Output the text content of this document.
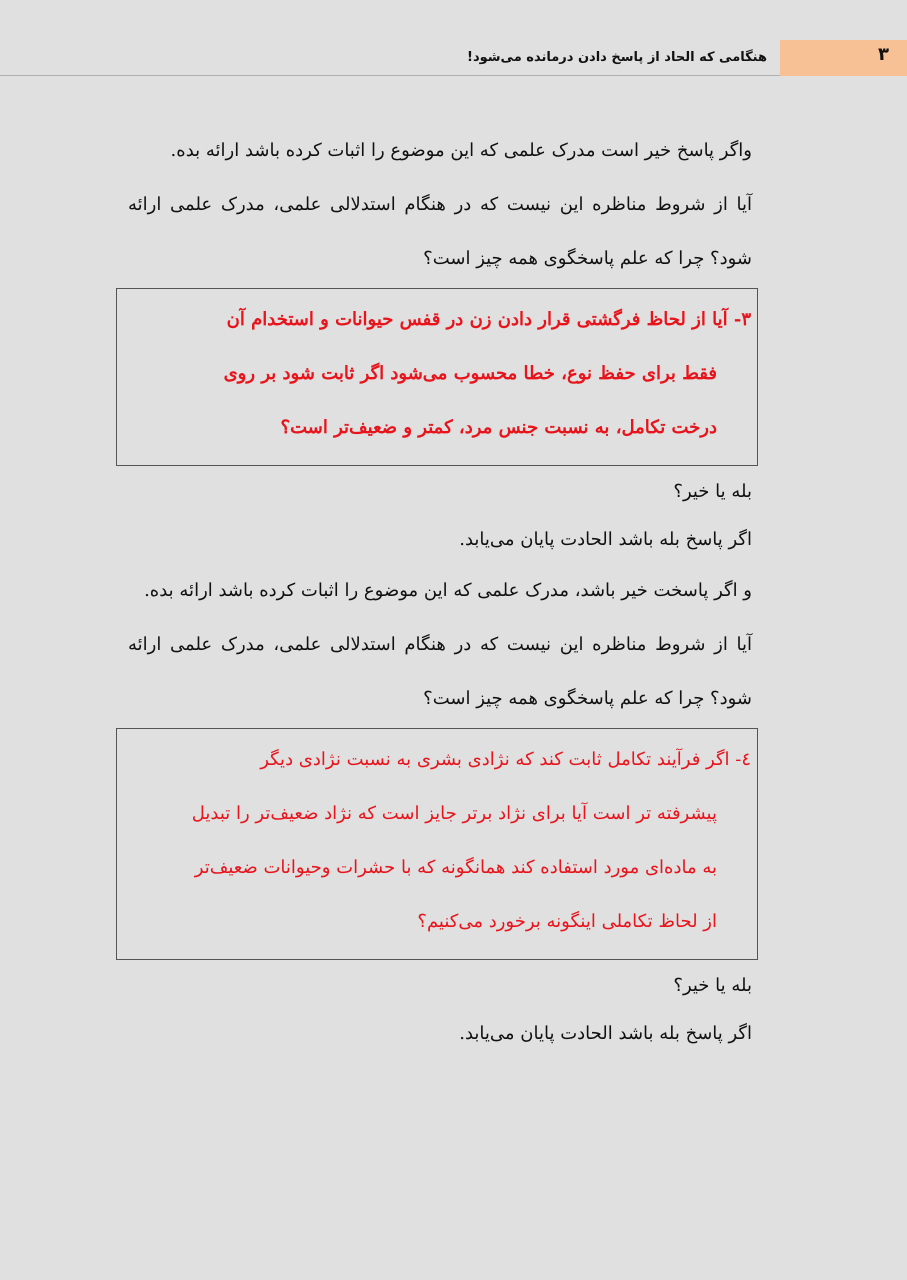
۳
هنگامی که الحاد از پاسخ دادن درمانده می‌شود!

واگر پاسخ خیر است مدرک علمی که این موضوع را اثبات کرده باشد ارائه بده.

آیا از شروط مناظره این نیست که در هنگام استدلالی علمی، مدرک علمی ارائه شود؟ چرا که علم پاسخگوی همه چیز است؟

۳- آیا از لحاظ فرگشتی قرار دادن زن در قفس حیوانات و استخدام آن
فقط برای حفظ نوع، خطا محسوب می‌شود اگر ثابت شود بر روی
درخت تکامل، به نسبت جنس مرد، کمتر و ضعیف‌تر است؟

بله یا خیر؟

اگر پاسخ بله باشد الحادت پایان می‌یابد.

و اگر پاسخت خیر باشد، مدرک علمی که این موضوع را اثبات کرده باشد ارائه بده.

آیا از شروط مناظره این نیست که در هنگام استدلالی علمی، مدرک علمی ارائه شود؟ چرا که علم پاسخگوی همه چیز است؟

٤- اگر فرآیند تکامل ثابت کند که نژادی بشری به نسبت نژادی دیگر
پیشرفته تر است آیا برای نژاد برتر جایز است که نژاد ضعیف‌تر را تبدیل
به ماده‌ای مورد استفاده کند همانگونه که با حشرات وحیوانات ضعیف‌تر
از لحاظ تکاملی اینگونه برخورد می‌کنیم؟

بله یا خیر؟

اگر پاسخ بله باشد الحادت پایان می‌یابد.
